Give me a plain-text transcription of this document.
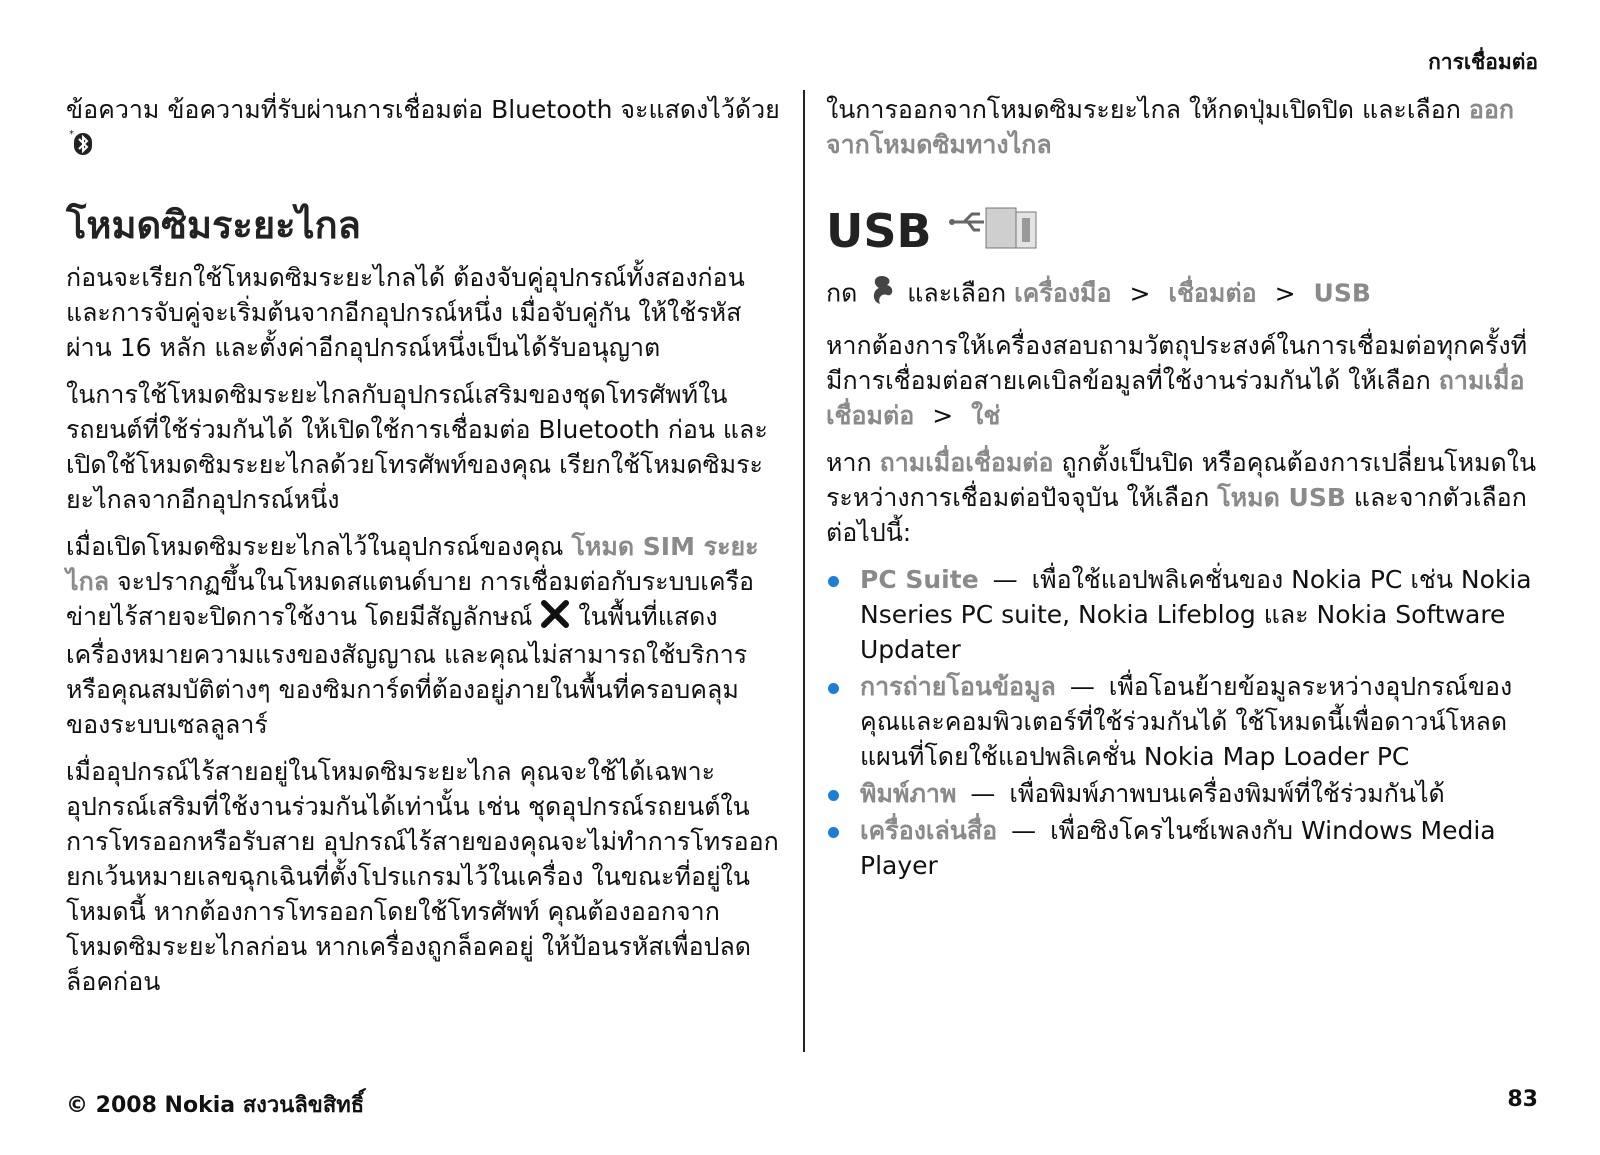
การเชื่อมต่อ

ข้อความ ข้อความที่รับผ่านการเชื่อมต่อ Bluetooth จะแสดงไว้ด้วย
*

โหมดซิมระยะไกล

ก่อนจะเรียกใช้โหมดซิมระยะไกลได้ ต้องจับคู่อุปกรณ์ทั้งสองก่อนและการจับคู่จะเริ่มต้นจากอีกอุปกรณ์หนึ่ง เมื่อจับคู่กัน ให้ใช้รหัสผ่าน 16 หลัก และตั้งค่าอีกอุปกรณ์หนึ่งเป็นได้รับอนุญาต

ในการใช้โหมดซิมระยะไกลกับอุปกรณ์เสริมของชุดโทรศัพท์ในรถยนต์ที่ใช้ร่วมกันได้ ให้เปิดใช้การเชื่อมต่อ Bluetooth ก่อน และเปิดใช้โหมดซิมระยะไกลด้วยโทรศัพท์ของคุณ เรียกใช้โหมดซิมระยะไกลจากอีกอุปกรณ์หนึ่ง

เมื่อเปิดโหมดซิมระยะไกลไว้ในอุปกรณ์ของคุณ โหมด SIM ระยะไกล จะปรากฏขึ้นในโหมดสแตนด์บาย การเชื่อมต่อกับระบบเครือข่ายไร้สายจะปิดการใช้งาน โดยมีสัญลักษณ์ ในพื้นที่แสดงเครื่องหมายความแรงของสัญญาณ และคุณไม่สามารถใช้บริการหรือคุณสมบัติต่างๆ ของซิมการ์ดที่ต้องอยู่ภายในพื้นที่ครอบคลุมของระบบเซลลูลาร์

เมื่ออุปกรณ์ไร้สายอยู่ในโหมดซิมระยะไกล คุณจะใช้ได้เฉพาะอุปกรณ์เสริมที่ใช้งานร่วมกันได้เท่านั้น เช่น ชุดอุปกรณ์รถยนต์ในการโทรออกหรือรับสาย อุปกรณ์ไร้สายของคุณจะไม่ทำการโทรออก ยกเว้นหมายเลขฉุกเฉินที่ตั้งโปรแกรมไว้ในเครื่อง ในขณะที่อยู่ในโหมดนี้ หากต้องการโทรออกโดยใช้โทรศัพท์ คุณต้องออกจากโหมดซิมระยะไกลก่อน หากเครื่องถูกล็อคอยู่ ให้ป้อนรหัสเพื่อปลดล็อคก่อน

ในการออกจากโหมดซิมระยะไกล ให้กดปุ่มเปิดปิด และเลือก ออกจากโหมดซิมทางไกล

USB

กด และเลือก เครื่องมือ > เชื่อมต่อ > USB

หากต้องการให้เครื่องสอบถามวัตถุประสงค์ในการเชื่อมต่อทุกครั้งที่มีการเชื่อมต่อสายเคเบิลข้อมูลที่ใช้งานร่วมกันได้ ให้เลือก ถามเมื่อเชื่อมต่อ > ใช่

หาก ถามเมื่อเชื่อมต่อ ถูกตั้งเป็นปิด หรือคุณต้องการเปลี่ยนโหมดในระหว่างการเชื่อมต่อปัจจุบัน ให้เลือก โหมด USB และจากตัวเลือกต่อไปนี้:

PC Suite — เพื่อใช้แอปพลิเคชั่นของ Nokia PC เช่น Nokia Nseries PC suite, Nokia Lifeblog และ Nokia Software Updater
การถ่ายโอนข้อมูล — เพื่อโอนย้ายข้อมูลระหว่างอุปกรณ์ของคุณและคอมพิวเตอร์ที่ใช้ร่วมกันได้ ใช้โหมดนี้เพื่อดาวน์โหลดแผนที่โดยใช้แอปพลิเคชั่น Nokia Map Loader PC
พิมพ์ภาพ — เพื่อพิมพ์ภาพบนเครื่องพิมพ์ที่ใช้ร่วมกันได้
เครื่องเล่นสื่อ — เพื่อซิงโครไนซ์เพลงกับ Windows Media Player
© 2008 Nokia สงวนลิขสิทธิ์	83
